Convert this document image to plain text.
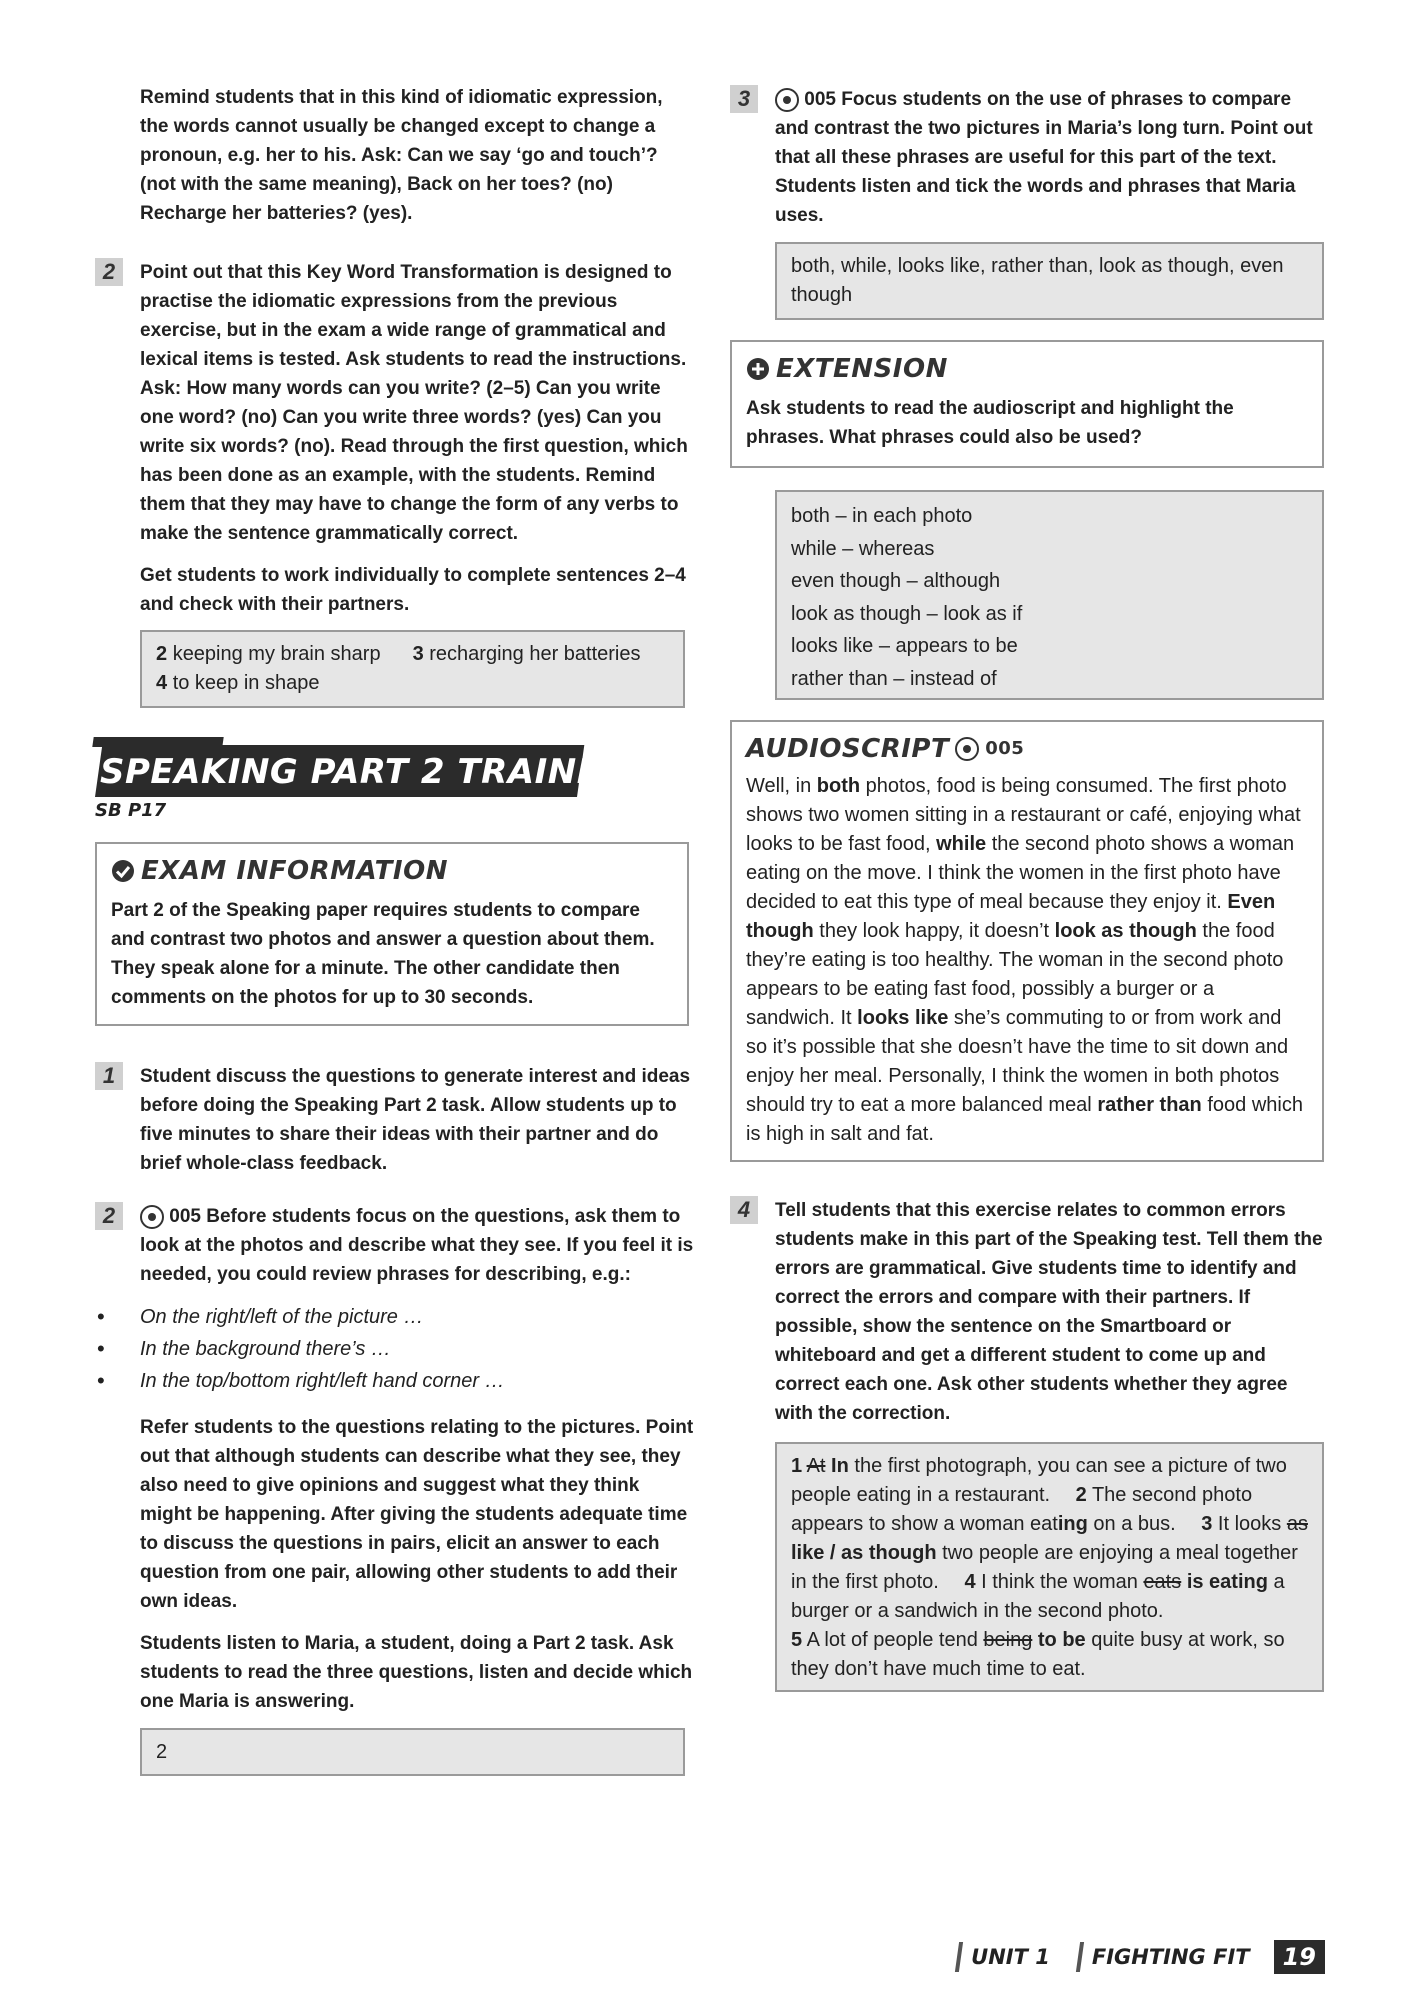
Remind students that in this kind of idiomatic expression, the words cannot usually be changed except to change a pronoun, e.g. her to his. Ask: Can we say ‘go and touch’? (not with the same meaning), Back on her toes? (no) Recharge her batteries? (yes).

2	Point out that this Key Word Transformation is designed to practise the idiomatic expressions from the previous exercise, but in the exam a wide range of grammatical and lexical items is tested. Ask students to read the instructions. Ask: How many words can you write? (2–5) Can you write one word? (no) Can you write three words? (yes) Can you write six words? (no). Read through the first question, which has been done as an example, with the students. Remind them that they may have to change the form of any verbs to make the sentence grammatically correct.

Get students to work individually to complete sentences 2–4 and check with their partners.

2 keeping my brain sharp 3 recharging her batteries
4 to keep in shape
SPEAKING PART 2 TRAINING
SB P17
EXAM INFORMATION

Part 2 of the Speaking paper requires students to compare and contrast two photos and answer a question about them. They speak alone for a minute. The other candidate then comments on the photos for up to 30 seconds.

1	Student discuss the questions to generate interest and ideas before doing the Speaking Part 2 task. Allow students up to five minutes to share their ideas with their partner and do brief whole-class feedback.

2	005 Before students focus on the questions, ask them to look at the photos and describe what they see. If you feel it is needed, you could review phrases for describing, e.g.:

• On the right/left of the picture …
• In the background there’s …
• In the top/bottom right/left hand corner …

Refer students to the questions relating to the pictures. Point out that although students can describe what they see, they also need to give opinions and suggest what they think might be happening. After giving the students adequate time to discuss the questions in pairs, elicit an answer to each question from one pair, allowing other students to add their own ideas.

Students listen to Maria, a student, doing a Part 2 task. Ask students to read the three questions, listen and decide which one Maria is answering.

2
3	005 Focus students on the use of phrases to compare and contrast the two pictures in Maria’s long turn. Point out that all these phrases are useful for this part of the text. Students listen and tick the words and phrases that Maria uses.

both, while, looks like, rather than, look as though, even though
EXTENSION

Ask students to read the audioscript and highlight the phrases. What phrases could also be used?

both – in each photo
while – whereas
even though – although
look as though – look as if
looks like – appears to be
rather than – instead of
AUDIOSCRIPT 005

Well, in both photos, food is being consumed. The first photo shows two women sitting in a restaurant or café, enjoying what looks to be fast food, while the second photo shows a woman eating on the move. I think the women in the first photo have decided to eat this type of meal because they enjoy it. Even though they look happy, it doesn’t look as though the food they’re eating is too healthy. The woman in the second photo appears to be eating fast food, possibly a burger or a sandwich. It looks like she’s commuting to or from work and so it’s possible that she doesn’t have the time to sit down and enjoy her meal. Personally, I think the women in both photos should try to eat a more balanced meal rather than food which is high in salt and fat.

4	Tell students that this exercise relates to common errors students make in this part of the Speaking test. Tell them the errors are grammatical. Give students time to identify and correct the errors and compare with their partners. If possible, show the sentence on the Smartboard or whiteboard and get a different student to come up and correct each one. Ask other students whether they agree with the correction.

1 At In the first photograph, you can see a picture of two people eating in a restaurant. 2 The second photo appears to show a woman eating on a bus. 3 It looks as like / as though two people are enjoying a meal together in the first photo. 4 I think the woman eats is eating a burger or a sandwich in the second photo.
5 A lot of people tend being to be quite busy at work, so they don’t have much time to eat.
UNIT 1 FIGHTING FIT	19
